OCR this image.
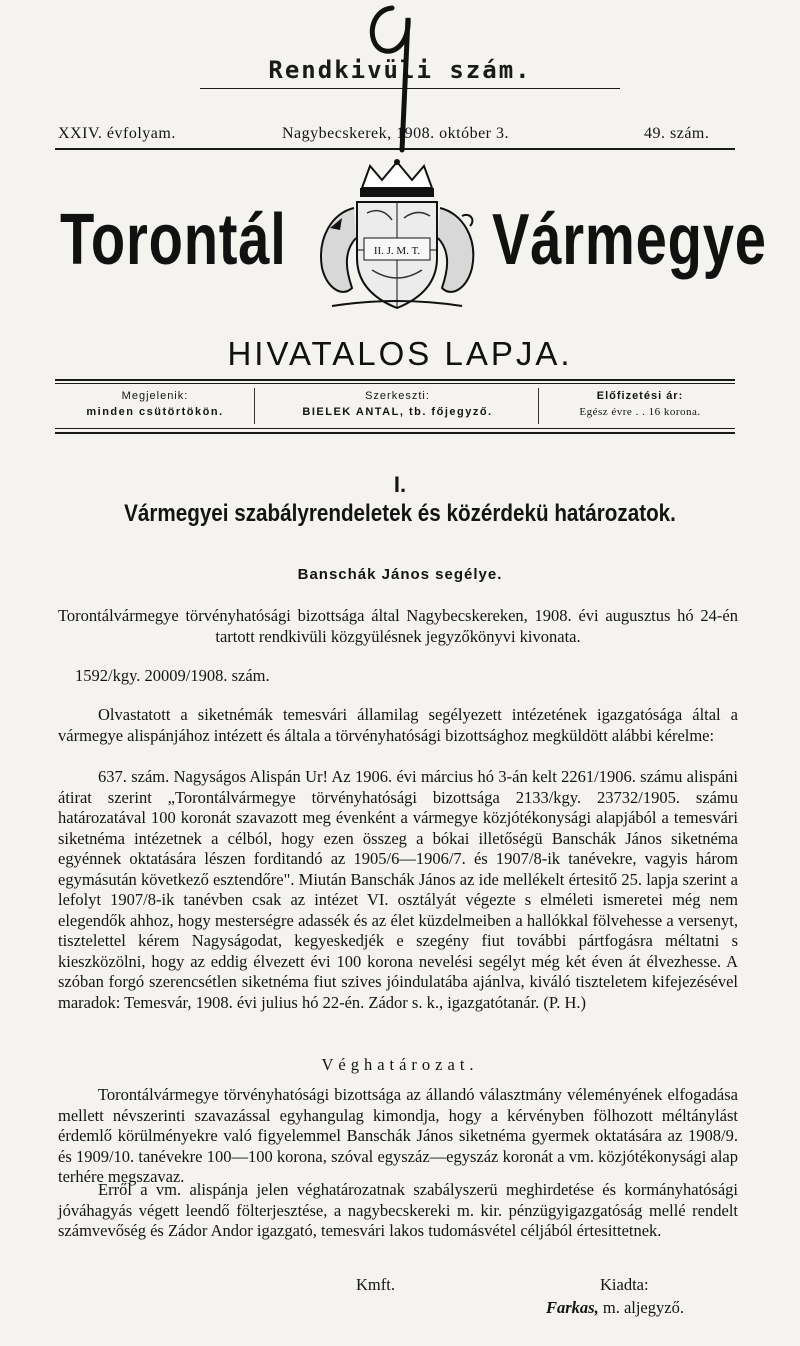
Rendkivüli szám.
XXIV. évfolyam.	Nagybecskerek, 1908. október 3.	49. szám.
Torontál	Vármegye
II. J. M. T.
HIVATALOS LAPJA.
Megjelenik:
minden csütörtökön.
Szerkeszti:
BIELEK ANTAL, tb. főjegyző.
Előfizetési ár:
Egész évre . . 16 korona.
I.
Vármegyei szabályrendeletek és közérdekü határozatok.
Banschák János segélye.
Torontálvármegye törvényhatósági bizottsága által Nagybecskereken, 1908. évi augusztus hó 24-én tartott rendkivüli közgyülésnek jegyzőkönyvi kivonata.
1592/kgy. 20009/1908. szám.
Olvastatott a siketnémák temesvári államilag segélyezett intézetének igazgatósága által a vármegye alispánjához intézett és általa a törvényhatósági bizottsághoz megküldött alábbi kérelme:
637. szám. Nagyságos Alispán Ur! Az 1906. évi március hó 3-án kelt 2261/1906. számu alispáni átirat szerint „Torontálvármegye törvényhatósági bizottsága 2133/kgy. 23732/1905. számu határozatával 100 koronát szavazott meg évenként a vármegye közjótékonysági alapjából a temesvári siketnéma intézetnek a célból, hogy ezen összeg a bókai illetőségü Banschák János siketnéma egyénnek oktatására lészen forditandó az 1905/6—1906/7. és 1907/8-ik tanévekre, vagyis három egymásután következő esztendőre". Miután Banschák János az ide mellékelt értesitő 25. lapja szerint a lefolyt 1907/8-ik tanévben csak az intézet VI. osztályát végezte s elméleti ismeretei még nem elegendők ahhoz, hogy mesterségre adassék és az élet küzdelmeiben a hallókkal fölvehesse a versenyt, tisztelettel kérem Nagyságodat, kegyeskedjék e szegény fiut további pártfogásra méltatni s kieszközölni, hogy az eddig élvezett évi 100 korona nevelési segélyt még két éven át élvezhesse. A szóban forgó szerencsétlen siketnéma fiut szives jóindulatába ajánlva, kiváló tiszteletem kifejezésével maradok: Temesvár, 1908. évi julius hó 22-én. Zádor s. k., igazgatótanár. (P. H.)
Véghatározat.
Torontálvármegye törvényhatósági bizottsága az állandó választmány véleményének elfogadása mellett névszerinti szavazással egyhangulag kimondja, hogy a kérvényben fölhozott méltánylást érdemlő körülményekre való figyelemmel Banschák János siketnéma gyermek oktatására az 1908/9. és 1909/10. tanévekre 100—100 korona, szóval egyszáz—egyszáz koronát a vm. közjótékonysági alap terhére megszavaz.
Erről a vm. alispánja jelen véghatározatnak szabályszerü meghirdetése és kormányhatósági jóváhagyás végett leendő fölterjesztése, a nagybecskereki m. kir. pénzügyigazgatóság mellé rendelt számvevőség és Zádor Andor igazgató, temesvári lakos tudomásvétel céljából értesittetnek.
Kmft.	Kiadta:
Farkas, m. aljegyző.
